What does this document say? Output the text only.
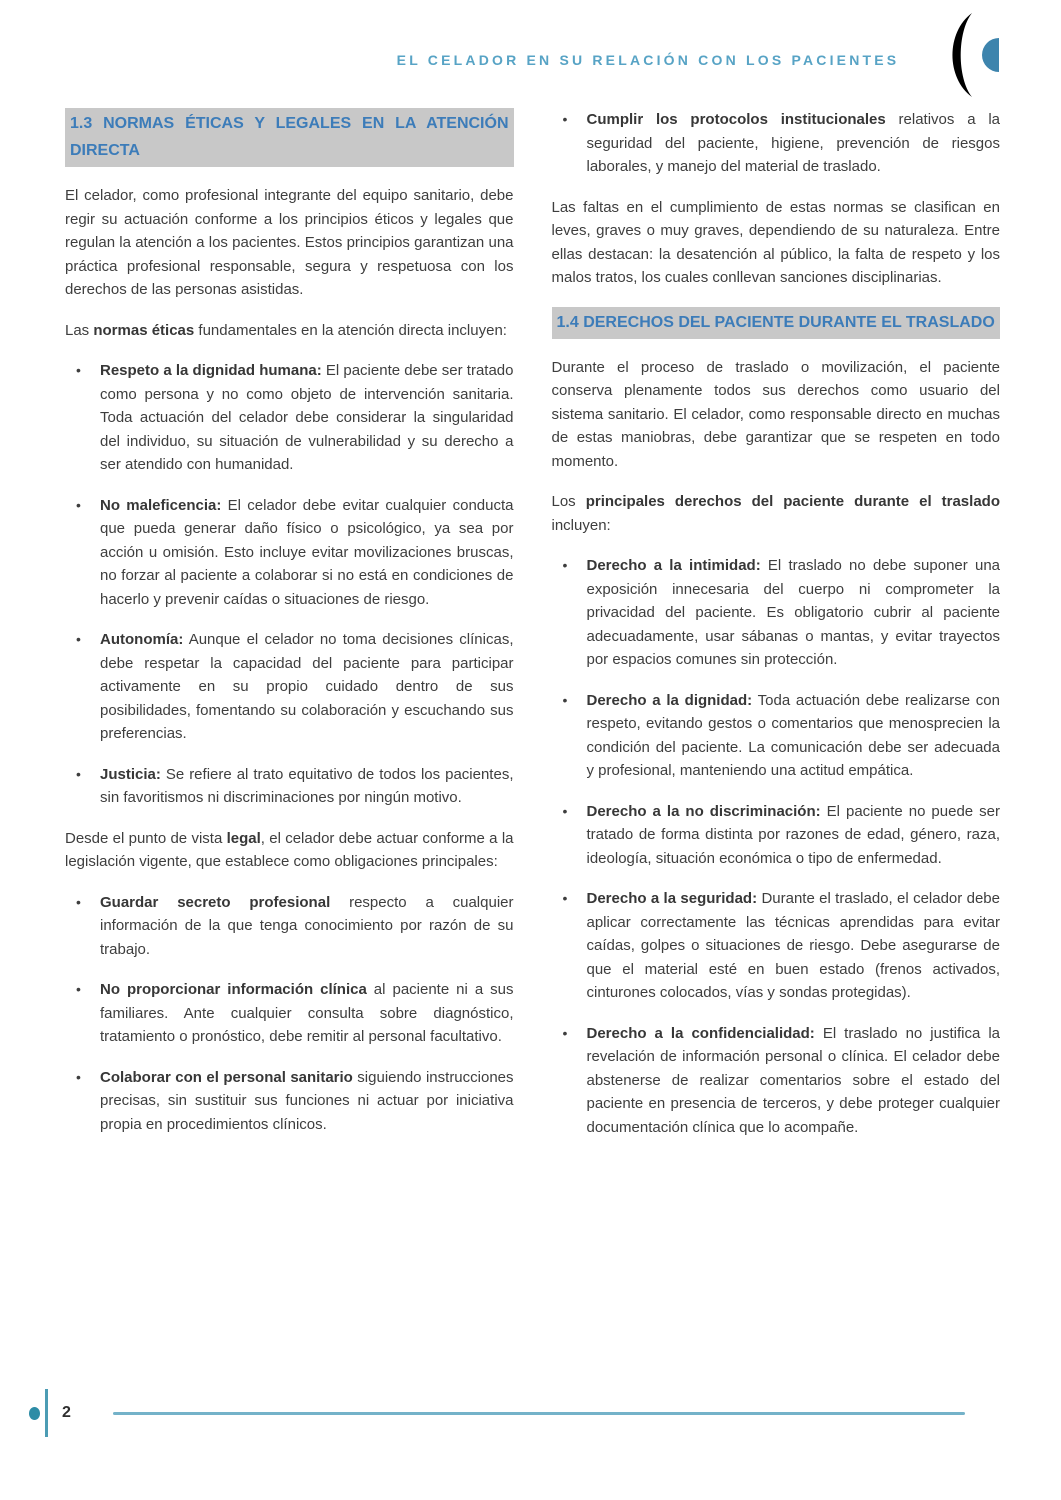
EL CELADOR EN SU RELACIÓN CON LOS PACIENTES
1.3 NORMAS ÉTICAS Y LEGALES EN LA ATENCIÓN DIRECTA

El celador, como profesional integrante del equipo sanitario, debe regir su actuación conforme a los principios éticos y legales que regulan la atención a los pacientes. Estos principios garantizan una práctica profesional responsable, segura y respetuosa con los derechos de las personas asistidas.

Las normas éticas fundamentales en la atención directa incluyen:

•	Respeto a la dignidad humana: El paciente debe ser tratado como persona y no como objeto de intervención sanitaria. Toda actuación del celador debe considerar la singularidad del individuo, su situación de vulnerabilidad y su derecho a ser atendido con humanidad.
•	No maleficencia: El celador debe evitar cualquier conducta que pueda generar daño físico o psicológico, ya sea por acción u omisión. Esto incluye evitar movilizaciones bruscas, no forzar al paciente a colaborar si no está en condiciones de hacerlo y prevenir caídas o situaciones de riesgo.
•	Autonomía: Aunque el celador no toma decisiones clínicas, debe respetar la capacidad del paciente para participar activamente en su propio cuidado dentro de sus posibilidades, fomentando su colaboración y escuchando sus preferencias.
•	Justicia: Se refiere al trato equitativo de todos los pacientes, sin favoritismos ni discriminaciones por ningún motivo.

Desde el punto de vista legal, el celador debe actuar conforme a la legislación vigente, que establece como obligaciones principales:

•	Guardar secreto profesional respecto a cualquier información de la que tenga conocimiento por razón de su trabajo.
•	No proporcionar información clínica al paciente ni a sus familiares. Ante cualquier consulta sobre diagnóstico, tratamiento o pronóstico, debe remitir al personal facultativo.
•	Colaborar con el personal sanitario siguiendo instrucciones precisas, sin sustituir sus funciones ni actuar por iniciativa propia en procedimientos clínicos.
•	Cumplir los protocolos institucionales relativos a la seguridad del paciente, higiene, prevención de riesgos laborales, y manejo del material de traslado.

Las faltas en el cumplimiento de estas normas se clasifican en leves, graves o muy graves, dependiendo de su naturaleza. Entre ellas destacan: la desatención al público, la falta de respeto y los malos tratos, los cuales conllevan sanciones disciplinarias.

1.4 DERECHOS DEL PACIENTE DURANTE EL TRASLADO

Durante el proceso de traslado o movilización, el paciente conserva plenamente todos sus derechos como usuario del sistema sanitario. El celador, como responsable directo en muchas de estas maniobras, debe garantizar que se respeten en todo momento.

Los principales derechos del paciente durante el traslado incluyen:

•	Derecho a la intimidad: El traslado no debe suponer una exposición innecesaria del cuerpo ni comprometer la privacidad del paciente. Es obligatorio cubrir al paciente adecuadamente, usar sábanas o mantas, y evitar trayectos por espacios comunes sin protección.
•	Derecho a la dignidad: Toda actuación debe realizarse con respeto, evitando gestos o comentarios que menosprecien la condición del paciente. La comunicación debe ser adecuada y profesional, manteniendo una actitud empática.
•	Derecho a la no discriminación: El paciente no puede ser tratado de forma distinta por razones de edad, género, raza, ideología, situación económica o tipo de enfermedad.
•	Derecho a la seguridad: Durante el traslado, el celador debe aplicar correctamente las técnicas aprendidas para evitar caídas, golpes o situaciones de riesgo. Debe asegurarse de que el material esté en buen estado (frenos activados, cinturones colocados, vías y sondas protegidas).
•	Derecho a la confidencialidad: El traslado no justifica la revelación de información personal o clínica. El celador debe abstenerse de realizar comentarios sobre el estado del paciente en presencia de terceros, y debe proteger cualquier documentación clínica que lo acompañe.
2
